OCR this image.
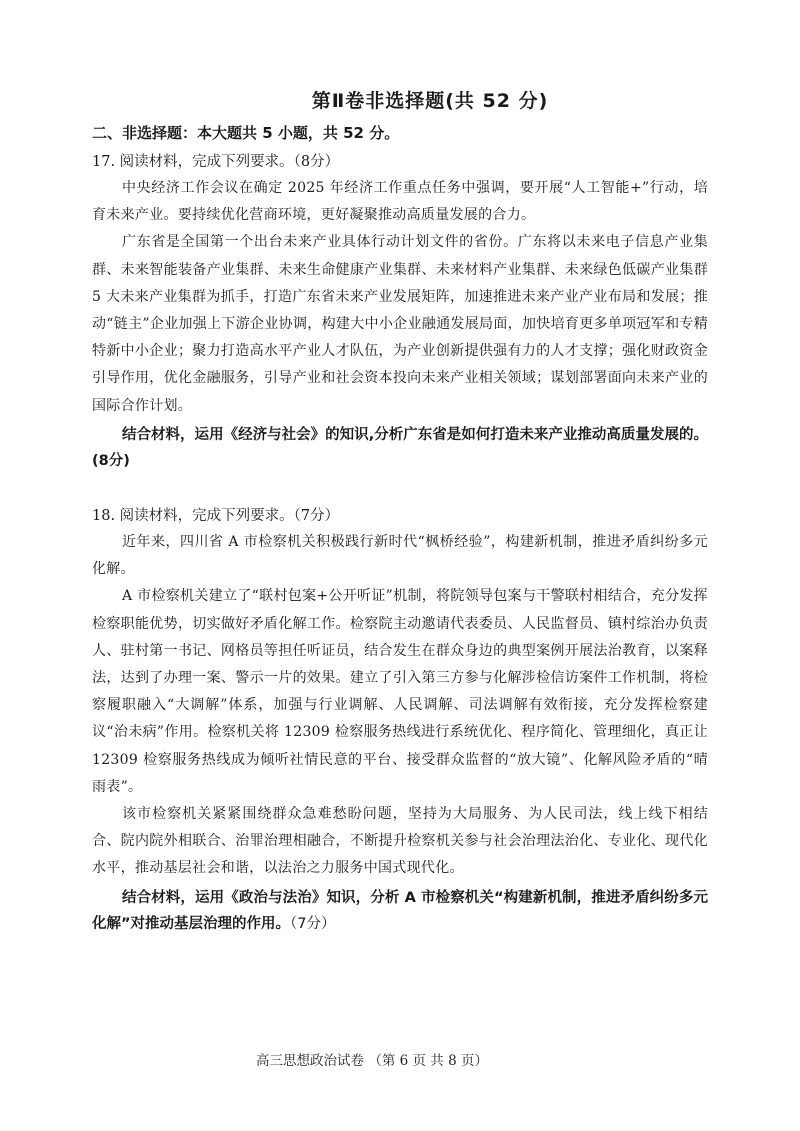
第Ⅱ卷非选择题(共 52 分)
二、非选择题：本大题共 5 小题，共 52 分。

17. 阅读材料，完成下列要求。（8分）

中央经济工作会议在确定 2025 年经济工作重点任务中强调，要开展“人工智能+”行动，培育未来产业。要持续优化营商环境，更好凝聚推动高质量发展的合力。

广东省是全国第一个出台未来产业具体行动计划文件的省份。广东将以未来电子信息产业集群、未来智能装备产业集群、未来生命健康产业集群、未来材料产业集群、未来绿色低碳产业集群 5 大未来产业集群为抓手，打造广东省未来产业发展矩阵，加速推进未来产业产业布局和发展；推动“链主”企业加强上下游企业协调，构建大中小企业融通发展局面，加快培育更多单项冠军和专精特新中小企业；聚力打造高水平产业人才队伍，为产业创新提供强有力的人才支撑；强化财政资金引导作用，优化金融服务，引导产业和社会资本投向未来产业相关领域；谋划部署面向未来产业的国际合作计划。

结合材料，运用《经济与社会》的知识,分析广东省是如何打造未来产业推动高质量发展的。(8分)

18. 阅读材料，完成下列要求。（7分）

近年来，四川省 A 市检察机关积极践行新时代“枫桥经验”，构建新机制，推进矛盾纠纷多元化解。

A 市检察机关建立了“联村包案+公开听证”机制，将院领导包案与干警联村相结合，充分发挥检察职能优势，切实做好矛盾化解工作。检察院主动邀请代表委员、人民监督员、镇村综治办负责人、驻村第一书记、网格员等担任听证员，结合发生在群众身边的典型案例开展法治教育，以案释法，达到了办理一案、警示一片的效果。建立了引入第三方参与化解涉检信访案件工作机制，将检察履职融入“大调解”体系，加强与行业调解、人民调解、司法调解有效衔接，充分发挥检察建议“治未病”作用。检察机关将 12309 检察服务热线进行系统优化、程序简化、管理细化，真正让 12309 检察服务热线成为倾听社情民意的平台、接受群众监督的“放大镜”、化解风险矛盾的“晴雨表”。

该市检察机关紧紧围绕群众急难愁盼问题，坚持为大局服务、为人民司法，线上线下相结合、院内院外相联合、治罪治理相融合，不断提升检察机关参与社会治理法治化、专业化、现代化水平，推动基层社会和谐，以法治之力服务中国式现代化。

结合材料，运用《政治与法治》知识，分析 A 市检察机关“构建新机制，推进矛盾纠纷多元化解”对推动基层治理的作用。（7分）

高三思想政治试卷 （第 6 页 共 8 页）
